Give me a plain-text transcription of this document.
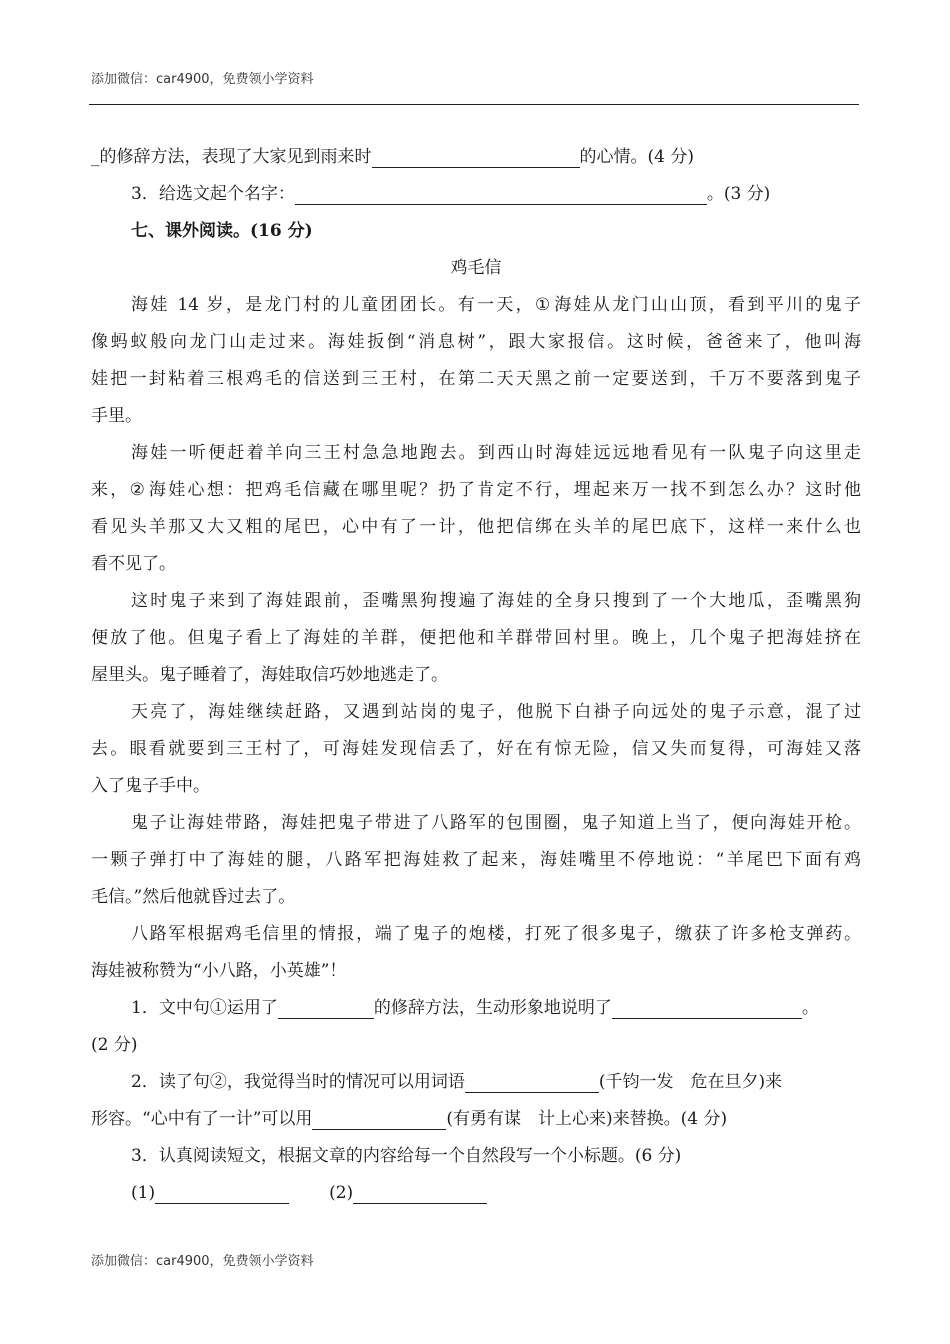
添加微信：car4900，免费领小学资料
_的修辞方法，表现了大家见到雨来时	的心情。(4 分)
3．给选文起个名字：	。(3 分)
七、课外阅读。(16 分)
鸡毛信
海娃 14 岁，是龙门村的儿童团团长。有一天，① 海娃从龙门山山顶，看到平川的鬼子
像蚂蚁般向龙门山走过来。海娃扳倒“消息树”，跟大家报信。这时候，爸爸来了，他叫海
娃把一封粘着三根鸡毛的信送到三王村，在第二天天黑之前一定要送到，千万不要落到鬼子
手里。
海娃一听便赶着羊向三王村急急地跑去。到西山时海娃远远地看见有一队鬼子向这里走
来，② 海娃心想：把鸡毛信藏在哪里呢？扔了肯定不行，埋起来万一找不到怎么办？这时他
看见头羊那又大又粗的尾巴，心中有了一计，他把信绑在头羊的尾巴底下，这样一来什么也
看不见了。
这时鬼子来到了海娃跟前，歪嘴黑狗搜遍了海娃的全身只搜到了一个大地瓜，歪嘴黑狗
便放了他。但鬼子看上了海娃的羊群，便把他和羊群带回村里。晚上，几个鬼子把海娃挤在
屋里头。鬼子睡着了，海娃取信巧妙地逃走了。
天亮了，海娃继续赶路，又遇到站岗的鬼子，他脱下白褂子向远处的鬼子示意，混了过
去。眼看就要到三王村了，可海娃发现信丢了，好在有惊无险，信又失而复得，可海娃又落
入了鬼子手中。
鬼子让海娃带路，海娃把鬼子带进了八路军的包围圈，鬼子知道上当了，便向海娃开枪。
一颗子弹打中了海娃的腿，八路军把海娃救了起来，海娃嘴里不停地说：“羊尾巴下面有鸡
毛信。”然后他就昏过去了。
八路军根据鸡毛信里的情报，端了鬼子的炮楼，打死了很多鬼子，缴获了许多枪支弹药。
海娃被称赞为“小八路，小英雄”！
1．文中句①运用了	的修辞方法，生动形象地说明了	。
(2 分)
2．读了句②，我觉得当时的情况可以用词语	(千钧一发　危在旦夕)来
形容。“心中有了一计”可以用	(有勇有谋　计上心来)来替换。(4 分)
3．认真阅读短文，根据文章的内容给每一个自然段写一个小标题。(6 分)
(1)	(2)
添加微信：car4900，免费领小学资料
